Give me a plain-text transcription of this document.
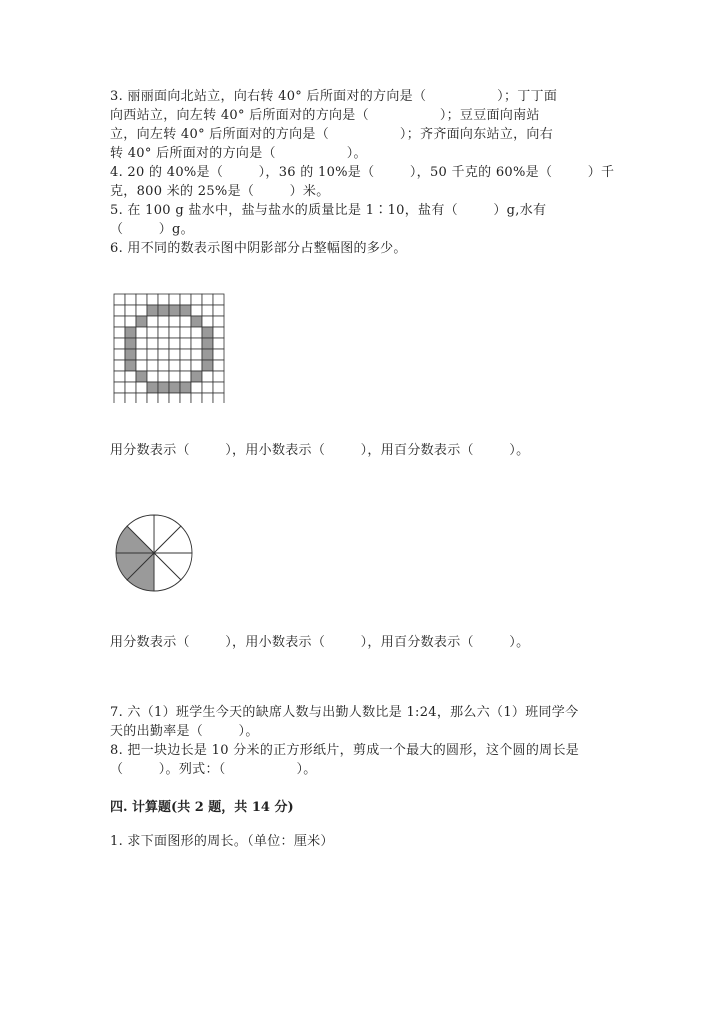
3. 丽丽面向北站立，向右转 40° 后所面对的方向是（                ）；丁丁面
向西站立，向左转 40° 后所面对的方向是（                ）；豆豆面向南站
立，向左转 40° 后所面对的方向是（                ）；齐齐面向东站立，向右
转 40° 后所面对的方向是（                ）。
4. 20 的 40%是（        ），36 的 10%是（        ），50 千克的 60%是（        ）千
克，800 米的 25%是（        ）米。
5. 在 100 g 盐水中，盐与盐水的质量比是 1∶10，盐有（        ）g,水有
（        ）g。
6. 用不同的数表示图中阴影部分占整幅图的多少。
用分数表示（        ），用小数表示（        ），用百分数表示（        ）。
用分数表示（        ），用小数表示（        ），用百分数表示（        ）。
7. 六（1）班学生今天的缺席人数与出勤人数比是 1:24，那么六（1）班同学今
天的出勤率是（        ）。
8. 把一块边长是 10 分米的正方形纸片，剪成一个最大的圆形，这个圆的周长是
（        ）。列式：（                ）。
四. 计算题(共 2 题，共 14 分)
1. 求下面图形的周长。（单位：厘米）
